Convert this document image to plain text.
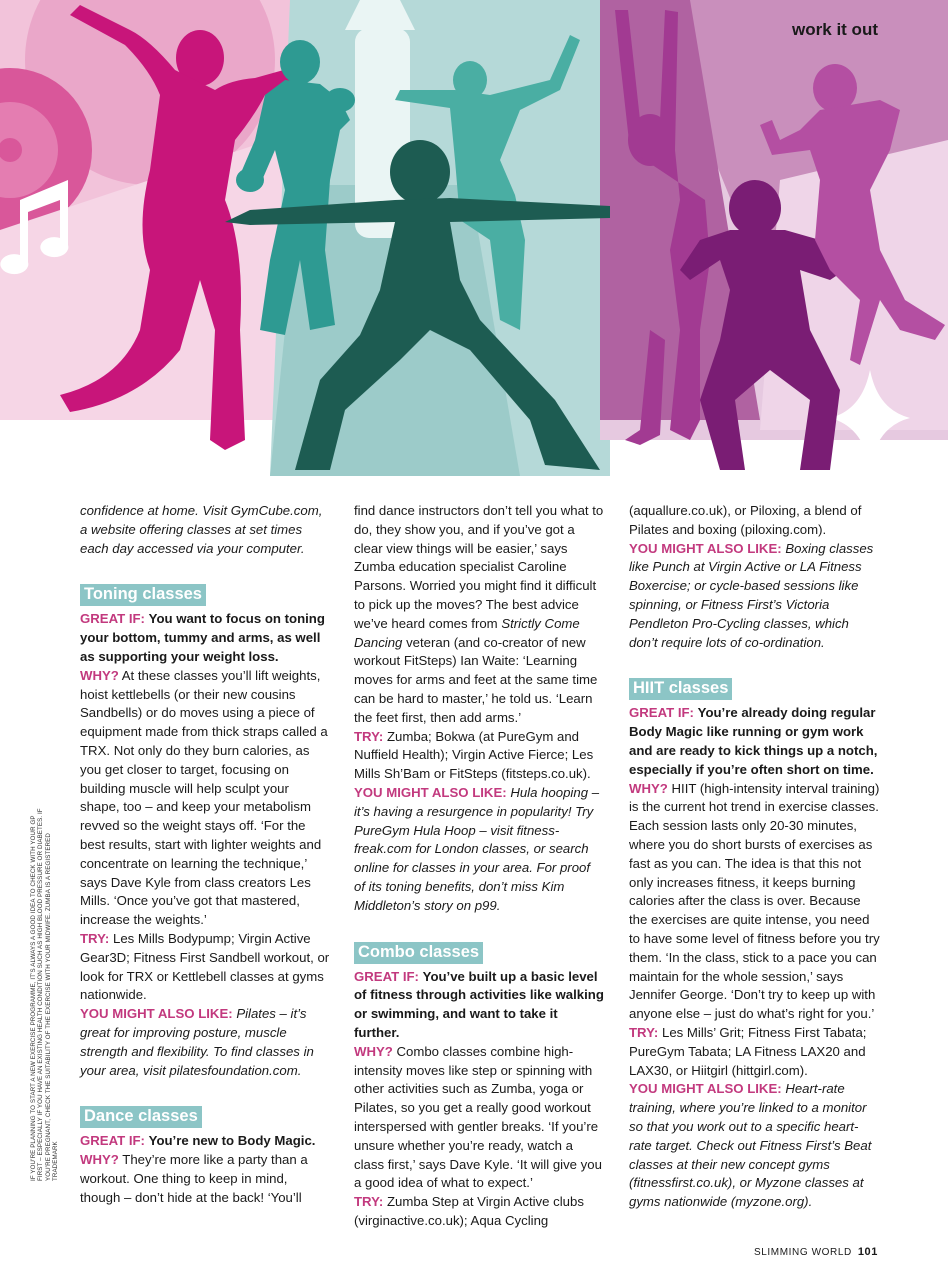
work it out

confidence at home. Visit GymCube.com, a website offering classes at set times each day accessed via your computer.

Toning classes

GREAT IF: You want to focus on toning your bottom, tummy and arms, as well as supporting your weight loss.

WHY? At these classes you’ll lift weights, hoist kettlebells (or their new cousins Sandbells) or do moves using a piece of equipment made from thick straps called a TRX. Not only do they burn calories, as you get closer to target, focusing on building muscle will help sculpt your shape, too – and keep your metabolism revved so the weight stays off. ‘For the best results, start with lighter weights and concentrate on learning the technique,’ says Dave Kyle from class creators Les Mills. ‘Once you’ve got that mastered, increase the weights.’

TRY: Les Mills Bodypump; Virgin Active Gear3D; Fitness First Sandbell workout, or look for TRX or Kettlebell classes at gyms nationwide.

YOU MIGHT ALSO LIKE: Pilates – it’s great for improving posture, muscle strength and flexibility. To find classes in your area, visit pilatesfoundation.com.

Dance classes

GREAT IF: You’re new to Body Magic.

WHY? They’re more like a party than a workout. One thing to keep in mind, though – don’t hide at the back! ‘You’ll

find dance instructors don’t tell you what to do, they show you, and if you’ve got a clear view things will be easier,’ says Zumba education specialist Caroline Parsons. Worried you might find it difficult to pick up the moves? The best advice we’ve heard comes from Strictly Come Dancing veteran (and co-creator of new workout FitSteps) Ian Waite: ‘Learning moves for arms and feet at the same time can be hard to master,’ he told us. ‘Learn the feet first, then add arms.’

TRY: Zumba; Bokwa (at PureGym and Nuffield Health); Virgin Active Fierce; Les Mills Sh’Bam or FitSteps (fitsteps.co.uk).

YOU MIGHT ALSO LIKE: Hula hooping – it’s having a resurgence in popularity! Try PureGym Hula Hoop – visit fitness-freak.com for London classes, or search online for classes in your area. For proof of its toning benefits, don’t miss Kim Middleton’s story on p99.

Combo classes

GREAT IF: You’ve built up a basic level of fitness through activities like walking or swimming, and want to take it further.

WHY? Combo classes combine high-intensity moves like step or spinning with other activities such as Zumba, yoga or Pilates, so you get a really good workout interspersed with gentler breaks. ‘If you’re unsure whether you’re ready, watch a class first,’ says Dave Kyle. ‘It will give you a good idea of what to expect.’

TRY: Zumba Step at Virgin Active clubs (virginactive.co.uk); Aqua Cycling

(aquallure.co.uk), or Piloxing, a blend of Pilates and boxing (piloxing.com).

YOU MIGHT ALSO LIKE: Boxing classes like Punch at Virgin Active or LA Fitness Boxercise; or cycle-based sessions like spinning, or Fitness First’s Victoria Pendleton Pro-Cycling classes, which don’t require lots of co-ordination.

HIIT classes

GREAT IF: You’re already doing regular Body Magic like running or gym work and are ready to kick things up a notch, especially if you’re often short on time.

WHY? HIIT (high-intensity interval training) is the current hot trend in exercise classes. Each session lasts only 20-30 minutes, where you do short bursts of exercises as fast as you can. The idea is that this not only increases fitness, it keeps burning calories after the class is over. Because the exercises are quite intense, you need to have some level of fitness before you try them. ‘In the class, stick to a pace you can maintain for the whole session,’ says Jennifer George. ‘Don’t try to keep up with anyone else – just do what’s right for you.’

TRY: Les Mills’ Grit; Fitness First Tabata; PureGym Tabata; LA Fitness LAX20 and LAX30, or Hiitgirl (hittgirl.com).

YOU MIGHT ALSO LIKE: Heart-rate training, where you’re linked to a monitor so that you work out to a specific heart-rate target. Check out Fitness First’s Beat classes at their new concept gyms (fitnessfirst.co.uk), or Myzone classes at gyms nationwide (myzone.org).

IF YOU’RE PLANNING TO START A NEW EXERCISE PROGRAMME, IT’S ALWAYS A GOOD IDEA TO CHECK WITH YOUR GP FIRST – ESPECIALLY IF YOU HAVE AN EXISTING HEALTH CONDITION SUCH AS HIGH BLOOD PRESSURE OR DIABETES. IF YOU’RE PREGNANT, CHECK THE SUITABILITY OF THE EXERCISE WITH YOUR MIDWIFE. ZUMBA IS A REGISTERED TRADEMARK
SLIMMING WORLD 101
